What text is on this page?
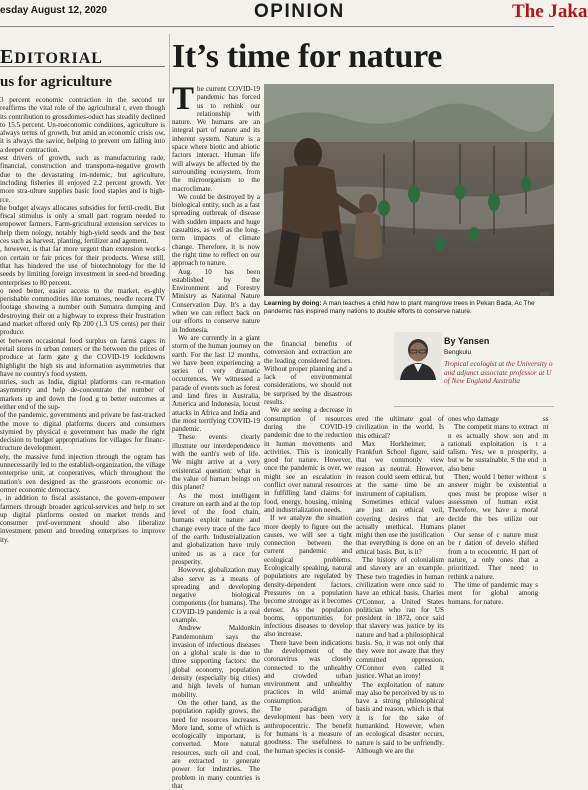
esday August 12, 2020	OPINION	The Jaka
EDITORIAL
us for agriculture

3 percent economic contraction in the second ter reaffirms the vital role of the agricultural r, even though its contribution to grossdomes-oduct has steadily declined to 15.5 percent. Un-roeconomic conditions, agriculture is always terms of growth, but amid an economic crisis ow, it is always the savior, helping to prevent om falling into a deeper contraction.

est drivers of growth, such as manufacturing rade, financial, construction and transporta-negative growth due to the devastating im-ndemic, but agriculture, including fisheries ill enjoyed 2.2 percent growth. Yet more stra-ulture supplies basic food staples and is high-rce.

he budget always allocates subsidies for fertil-credit. But fiscal stimulus is only a small part rogram needed to empower farmers. Farm-gricultural extension services to help them nology, notably high-yield seeds and the best ces such as harvest, planting, fertilizer and agement.

, however, is that far more urgent than extension work-s on certain or fair prices for their products. Worse still, that has hindered the use of biotechnology for the ld seeds by limiting foreign investment in seed-nd breeding enterprises to 80 percent.

o need better, easier access to the market, es-ghly perishable commodities like tomatoes, needle recent TV footage showing a number outh Sumatra dumping and destroying their on a highway to express their frustration and market offered only Rp 200 (1.3 US cents) per their produce.

et between occasional food surplus on farms cages in retail stores in urban centers or the between the prices of produce at farm gate g the COVID-19 lockdowns highlight the high sts and information asymmetries that have ne country's food system.

ntries, such as India, digital platforms can re-rmation asymmetry and help de-concentrate the number of markets up and down the food g to better outcomes at either end of the sup-

of the pandemic, governments and private be fast-tracked the move to digital platforms ducers and consumers stymied by physical e government has made the right decision to budget appropriations for villages for financ-tructure development.

ely, the massive fund injection through the ogram has unnecessarily led to the establish-organization, the village enterprise unit, at cooperatives, which throughout the nation's een designed as the grassroots economic or-ormer economic democracy.

, in addition to fiscal assistance, the govern-empower farmers through broader agricul-services and help to set up digital platforms oosted on market trends and consumer pref-overnment should also liberalize investment pment and breeding enterprises to improve ity.

It’s time for nature
T he current COVID-19 pandemic has forced us to rethink our relationship with nature. We humans are an integral part of nature and its inherent system. Nature is a space where biotic and abiotic factors interact. Human life will always be affected by the surrounding ecosystem, from the microorganism to the macroclimate.

We could be destroyed by a biological entity, such as a fast spreading outbreak of disease with sudden impacts and huge casualties, as well as the long-term impacts of climate change. Therefore, it is now the right time to reflect on our approach to nature.

Aug. 10 has been established by the Environment and Forestry Ministry as National Nature Conservation Day. It's a day when we can reflect back on our efforts to conserve nature in Indonesia.

We are currently in a giant storm of the human journey on earth. For the last 12 months, we have been experiencing a series of very dramatic occurrences. We witnessed a parade of events such as forest and land fires in Australia, America and Indonesia, locust attacks in Africa and India and the most terrifying COVID-19 pandemic.

These events clearly illustrate our interdependence with the earth's web of life. We might arrive at a very existential question: what is the value of human beings on this planet?

As the most intelligent creature on earth and at the top level of the food chain, humans exploit nature and change every trace of the face of the earth. Industrialization and globalization have truly united us as a race for prosperity.

However, globalization may also serve as a means of spreading and developing negative biological components (for humans). The COVID-19 pandemic is a real example.

Andrew Maldonkin Pandemonium says the invasion of infectious diseases on a global scale is due to three supporting factors: the global economy, population density (especially big cities) and high levels of human mobility.

On the other hand, as the population rapidly grows, the need for resources increases. More land, some of which is ecologically important, is converted. More natural resources, such oil and coal, are extracted to generate power for industries. The problem in many countries is that

AFP
Learning by doing: A man teaches a child how to plant mangrove trees in Pekan Bada, Ac The pandemic has inspired many nations to double efforts to conserve nature.

the financial benefits of conversion and extraction are the leading considered factors. Without proper planning and a lack of environmental considerations, we should not be surprised by the disastrous results.

We are seeing a decrease in consumption of resources during the COVID-19 pandemic due to the reduction in human movements and activities. This is ironically good for nature. However, once the pandemic is over, we might see an escalation in conflict over natural resources in fulfilling land claims for food, energy, housing, mining and industrialization needs.

If we analyze the situation more deeply to figure out the causes, we will see a tight connection between the current pandemic and ecological problems. Ecologically speaking, natural populations are regulated by density-dependent factors. Pressures on a population become stronger as it becomes denser. As the population booms, opportunities for infectious diseases to develop also increase.

There have been indications the development of the coronavirus was closely connected to the unhealthy and crowded urban environment and unhealthy practices in wild animal consumption.

The paradigm of development has been very anthropocentric. The benefit for humans is a measure of goodness. The usefulness to the human species is consid-

By Yansen
Bengkulu
Tropical ecologist at the University o and adjunct associate professor at U of New England Australia

ered the ultimate goal of civilization in the world. Is this ethical?

Max Horkheimer, a Frankfurt School figure, said that we commonly view reason as neutral. However, reason could seem ethical, but at the same time be an instrument of capitalism.

Sometimes ethical values are just an ethical veil, covering desires that are actually unethical. Humans might then use the justification that everything is done on an ethical basis. But, is it?

The history of colonialism and slavery are an example. These two tragedies in human civilization were once said to have an ethical basis. Charles O'Connor, a United States politician who ran for US president in 1872, once said that slavery was justice by its nature and had a philosophical basis. So, it was not only that they were not aware that they committed oppression, O'Connor even called it justice. What an irony!

The exploitation of nature may also be perceived by us to have a strong philosophical basis and reason, which is that it is for the sake of humankind. However, when an ecological disaster occurs, nature is said to be unfriendly. Although we are the

ones who damage

The competit mans to extract n es actually show son and rationali exploitation is t talism. Yes, we n prosperity, but w be sustainable. S the end also bene

Then, would l better without answer might be existential ques must be propose wiser assessmen of human exist Therefore, we have a moral decide the bes utilize our planet

Our sense of c nature must be r dation of develo shifted from a to ecocentric. H part of nature, a only ones that a prioritized. Ther need to rethink a nature.

The time of pandemic may s ment for global among humans. for nature.

ss
nt
m
a
a
n
n
s
n
n
